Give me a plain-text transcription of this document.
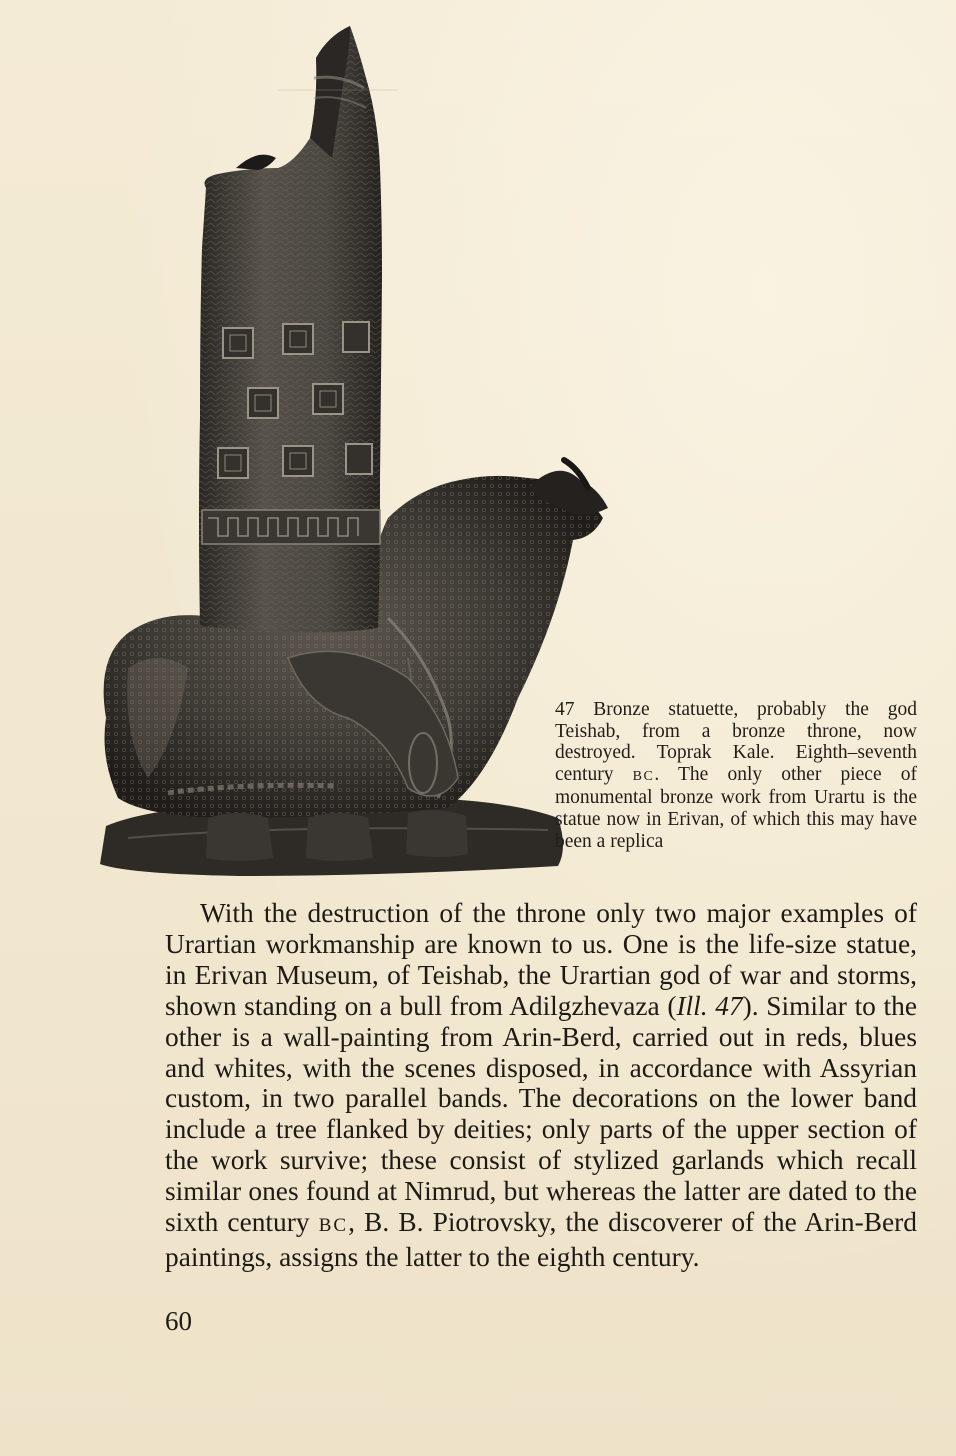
47 Bronze statuette, probably the god Teishab, from a bronze throne, now destroyed. Toprak Kale. Eighth–seventh century BC. The only other piece of monumental bronze work from Urartu is the statue now in Erivan, of which this may have been a replica

With the destruction of the throne only two major examples of Urartian workmanship are known to us. One is the life-size statue, in Erivan Museum, of Teishab, the Urartian god of war and storms, shown standing on a bull from Adilgzhevaza (Ill. 47). Similar to the other is a wall-painting from Arin-Berd, carried out in reds, blues and whites, with the scenes disposed, in accordance with Assyrian custom, in two parallel bands. The decorations on the lower band include a tree flanked by deities; only parts of the upper section of the work survive; these consist of stylized garlands which recall similar ones found at Nimrud, but whereas the latter are dated to the sixth century BC, B. B. Piotrovsky, the discoverer of the Arin-Berd paintings, assigns the latter to the eighth century.

60
